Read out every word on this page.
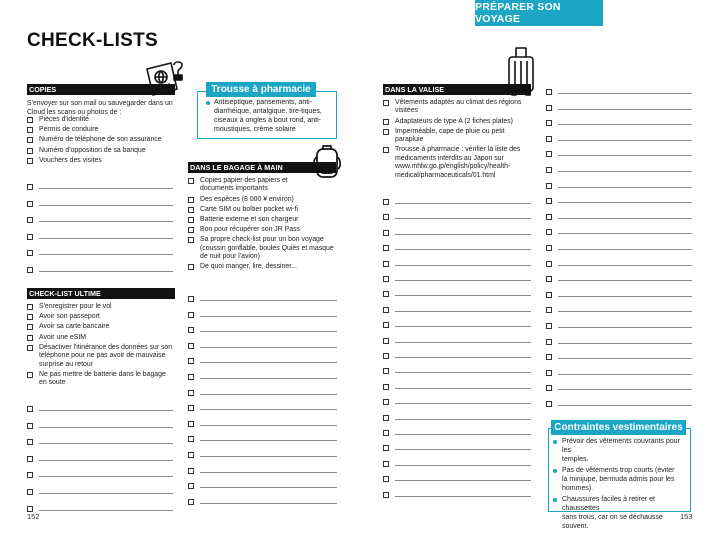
PRÉPARER SON VOYAGE
CHECK-LISTS
COPIES
S'envoyer sur son mail ou sauvegarder dans un
Cloud les scans ou photos de :
Pièces d'identité
Permis de conduire
Numéro de téléphone de son assurance
Numéro d'opposition de sa banque
Vouchers des visites
CHECK-LIST ULTIME
S'enregistrer pour le vol
Avoir son passeport
Avoir sa carte bancaire
Avoir une eSIM
Désactiver l'itinérance des données sur son
téléphone pour ne pas avoir de mauvaise
surprise au retour
Ne pas mettre de batterie dans le bagage
en soute
Antiseptique, pansements, anti-
diarrhéique, antalgique, tire-tiques,
ciseaux à ongles à bout rond, anti-
moustiques, crème solaire
Trousse à pharmacie
DANS LE BAGAGE À MAIN
Copies papier des papiers et
documents importants
Des espèces (8 000 ¥ environ)
Carte SIM ou boîtier pocket wi-fi
Batterie externe et son chargeur
Bon pour récupérer son JR Pass
Sa propre check-list pour un bon voyage
(coussin gonflable, boules Quiès et masque
de nuit pour l'avion)
De quoi manger, lire, dessiner...
DANS LA VALISE
Vêtements adaptés au climat des régions
visitées
Adaptateurs de type A (2 fiches plates)
Imperméable, cape de pluie ou petit
parapluie
Trousse à pharmacie : vérifier la liste des
médicaments interdits au Japon sur
www.mhlw.go.jp/english/policy/health-
medical/pharmaceuticals/01.html
Prévoir des vêtements couvrants pour les
temples.
Pas de vêtements trop courts (éviter
la minijupe, bermuda admis pour les
hommes).
Chaussures faciles à retirer et chaussettes
sans trous, car on se déchausse souvent.
Contraintes vestimentaires
152	153
